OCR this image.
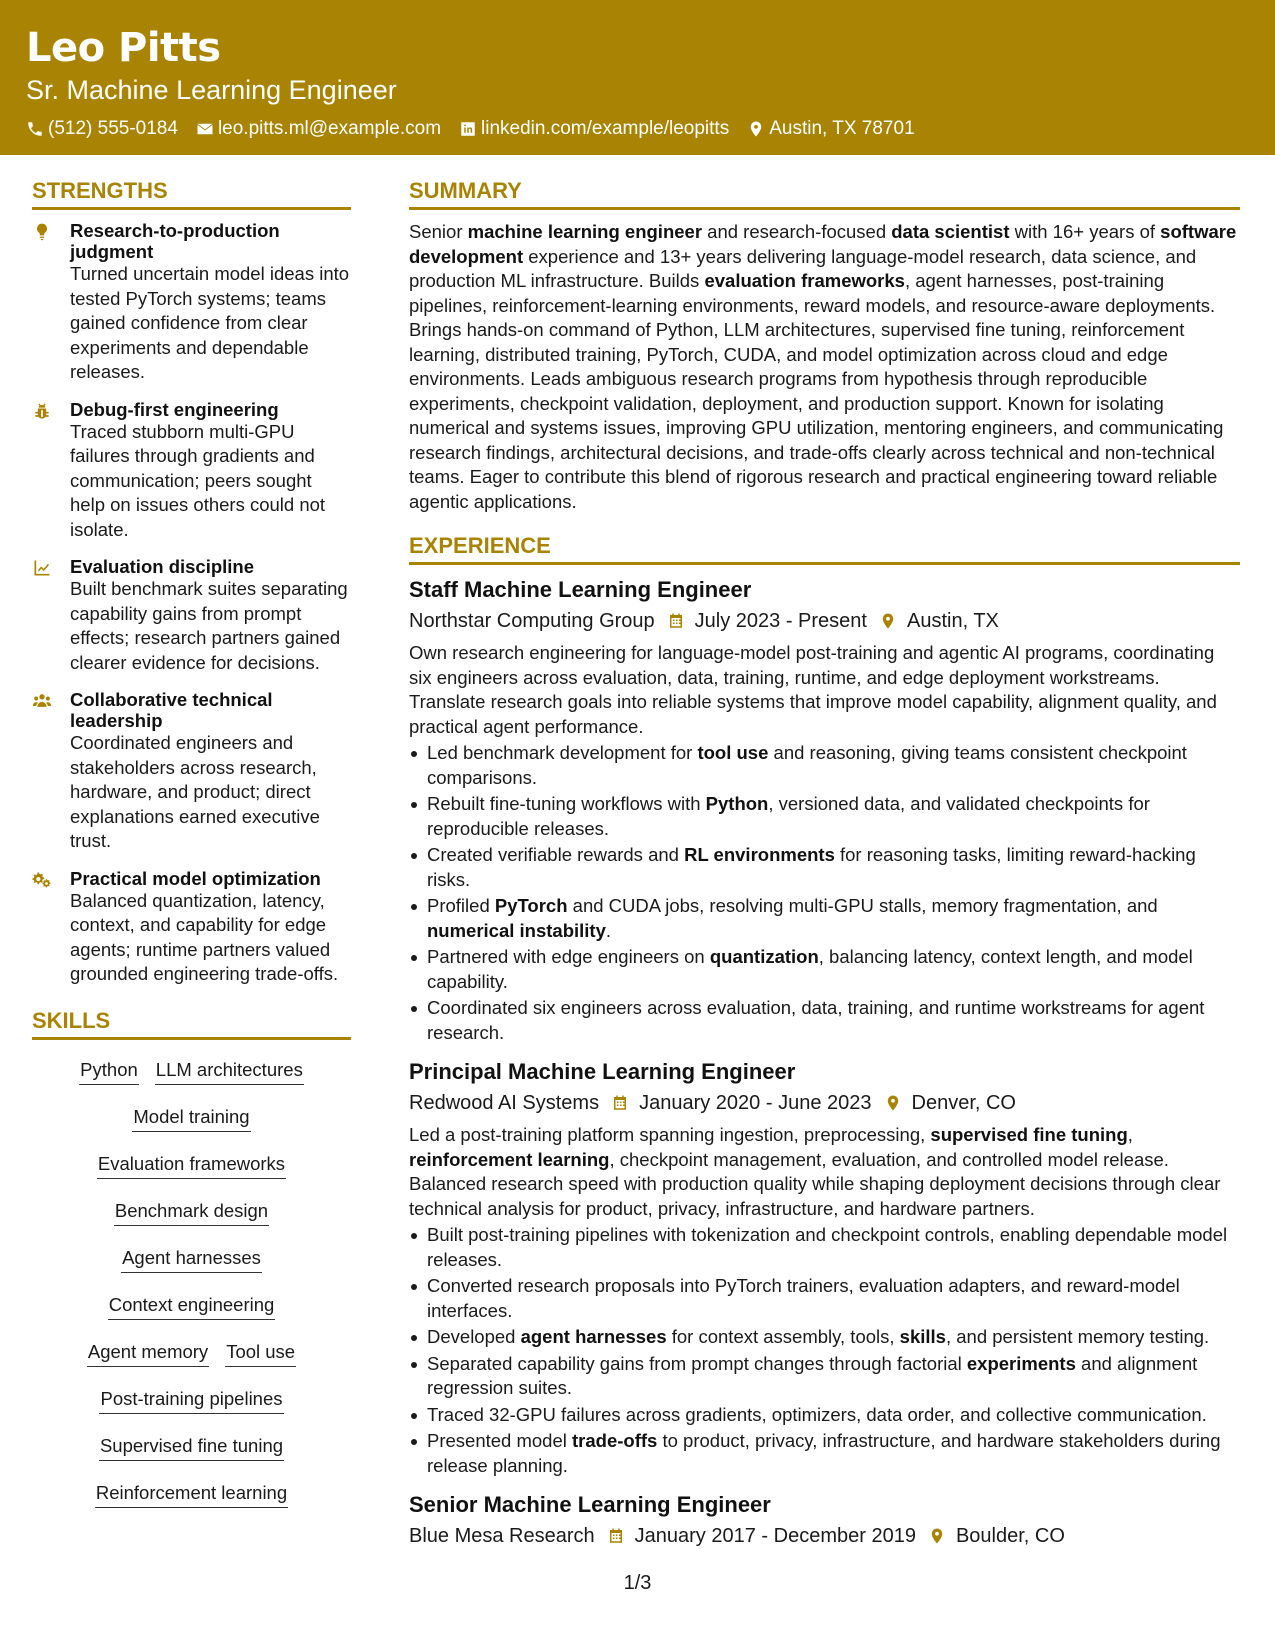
Leo Pitts
Sr. Machine Learning Engineer
(512) 555-0184 leo.pitts.ml@example.com linkedin.com/example/leopitts Austin, TX 78701
STRENGTHS
Research-to-production judgment
Turned uncertain model ideas into tested PyTorch systems; teams gained confidence from clear experiments and dependable releases.
Debug-first engineering
Traced stubborn multi-GPU failures through gradients and communication; peers sought help on issues others could not isolate.
Evaluation discipline
Built benchmark suites separating capability gains from prompt effects; research partners gained clearer evidence for decisions.
Collaborative technical leadership
Coordinated engineers and stakeholders across research, hardware, and product; direct explanations earned executive trust.
Practical model optimization
Balanced quantization, latency, context, and capability for edge agents; runtime partners valued grounded engineering trade-offs.
SKILLS
Python LLM architectures
Model training
Evaluation frameworks
Benchmark design
Agent harnesses
Context engineering
Agent memory Tool use
Post-training pipelines
Supervised fine tuning
Reinforcement learning
SUMMARY
Senior machine learning engineer and research-focused data scientist with 16+ years of software development experience and 13+ years delivering language-model research, data science, and production ML infrastructure. Builds evaluation frameworks, agent harnesses, post-training pipelines, reinforcement-learning environments, reward models, and resource-aware deployments. Brings hands-on command of Python, LLM architectures, supervised fine tuning, reinforcement learning, distributed training, PyTorch, CUDA, and model optimization across cloud and edge environments. Leads ambiguous research programs from hypothesis through reproducible experiments, checkpoint validation, deployment, and production support. Known for isolating numerical and systems issues, improving GPU utilization, mentoring engineers, and communicating research findings, architectural decisions, and trade-offs clearly across technical and non-technical teams. Eager to contribute this blend of rigorous research and practical engineering toward reliable agentic applications.
EXPERIENCE
Staff Machine Learning Engineer
Northstar Computing Group July 2023 - Present Austin, TX
Own research engineering for language-model post-training and agentic AI programs, coordinating six engineers across evaluation, data, training, runtime, and edge deployment workstreams. Translate research goals into reliable systems that improve model capability, alignment quality, and practical agent performance.
Led benchmark development for tool use and reasoning, giving teams consistent checkpoint comparisons.
Rebuilt fine-tuning workflows with Python, versioned data, and validated checkpoints for reproducible releases.
Created verifiable rewards and RL environments for reasoning tasks, limiting reward-hacking risks.
Profiled PyTorch and CUDA jobs, resolving multi-GPU stalls, memory fragmentation, and numerical instability.
Partnered with edge engineers on quantization, balancing latency, context length, and model capability.
Coordinated six engineers across evaluation, data, training, and runtime workstreams for agent research.
Principal Machine Learning Engineer
Redwood AI Systems January 2020 - June 2023 Denver, CO
Led a post-training platform spanning ingestion, preprocessing, supervised fine tuning, reinforcement learning, checkpoint management, evaluation, and controlled model release. Balanced research speed with production quality while shaping deployment decisions through clear technical analysis for product, privacy, infrastructure, and hardware partners.
Built post-training pipelines with tokenization and checkpoint controls, enabling dependable model releases.
Converted research proposals into PyTorch trainers, evaluation adapters, and reward-model interfaces.
Developed agent harnesses for context assembly, tools, skills, and persistent memory testing.
Separated capability gains from prompt changes through factorial experiments and alignment regression suites.
Traced 32-GPU failures across gradients, optimizers, data order, and collective communication.
Presented model trade-offs to product, privacy, infrastructure, and hardware stakeholders during release planning.
Senior Machine Learning Engineer
Blue Mesa Research January 2017 - December 2019 Boulder, CO
1/3
